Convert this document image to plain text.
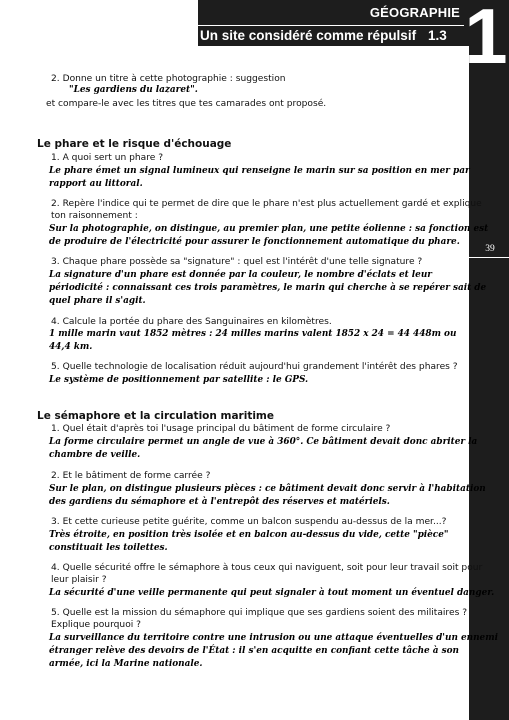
GÉOGRAPHIE
Un site considéré comme répulsif 1.3 1
39
2. Donne un titre à cette photographie : suggestion
"Les gardiens du lazaret".
et compare-le avec les titres que tes camarades ont proposé.
Le phare et le risque d'échouage
1. A quoi sert un phare ?
Le phare émet un signal lumineux qui renseigne le marin sur sa position en mer par
rapport au littoral.
2. Repère l'indice qui te permet de dire que le phare n'est plus actuellement gardé et explique
ton raisonnement :
Sur la photographie, on distingue, au premier plan, une petite éolienne : sa fonction est
de produire de l'électricité pour assurer le fonctionnement automatique du phare.
3. Chaque phare possède sa "signature" : quel est l'intérêt d'une telle signature ?
La signature d'un phare est donnée par la couleur, le nombre d'éclats et leur
périodicité : connaissant ces trois paramètres, le marin qui cherche à se repérer sait de
quel phare il s'agit.
4. Calcule la portée du phare des Sanguinaires en kilomètres.
1 mille marin vaut 1852 mètres : 24 milles marins valent 1852 x 24 = 44 448m ou
44,4 km.
5. Quelle technologie de localisation réduit aujourd'hui grandement l'intérêt des phares ?
Le système de positionnement par satellite : le GPS.
Le sémaphore et la circulation maritime
1. Quel était d'après toi l'usage principal du bâtiment de forme circulaire ?
La forme circulaire permet un angle de vue à 360°. Ce bâtiment devait donc abriter la
chambre de veille.
2. Et le bâtiment de forme carrée ?
Sur le plan, on distingue plusieurs pièces : ce bâtiment devait donc servir à l'habitation
des gardiens du sémaphore et à l'entrepôt des réserves et matériels.
3. Et cette curieuse petite guérite, comme un balcon suspendu au-dessus de la mer...?
Très étroite, en position très isolée et en balcon au-dessus du vide, cette "pièce"
constituait les toilettes.
4. Quelle sécurité offre le sémaphore à tous ceux qui naviguent, soit pour leur travail soit pour
leur plaisir ?
La sécurité d'une veille permanente qui peut signaler à tout moment un éventuel danger.
5. Quelle est la mission du sémaphore qui implique que ses gardiens soient des militaires ?
Explique pourquoi ?
La surveillance du territoire contre une intrusion ou une attaque éventuelles d'un ennemi
étranger relève des devoirs de l'État : il s'en acquitte en confiant cette tâche à son
armée, ici la Marine nationale.
